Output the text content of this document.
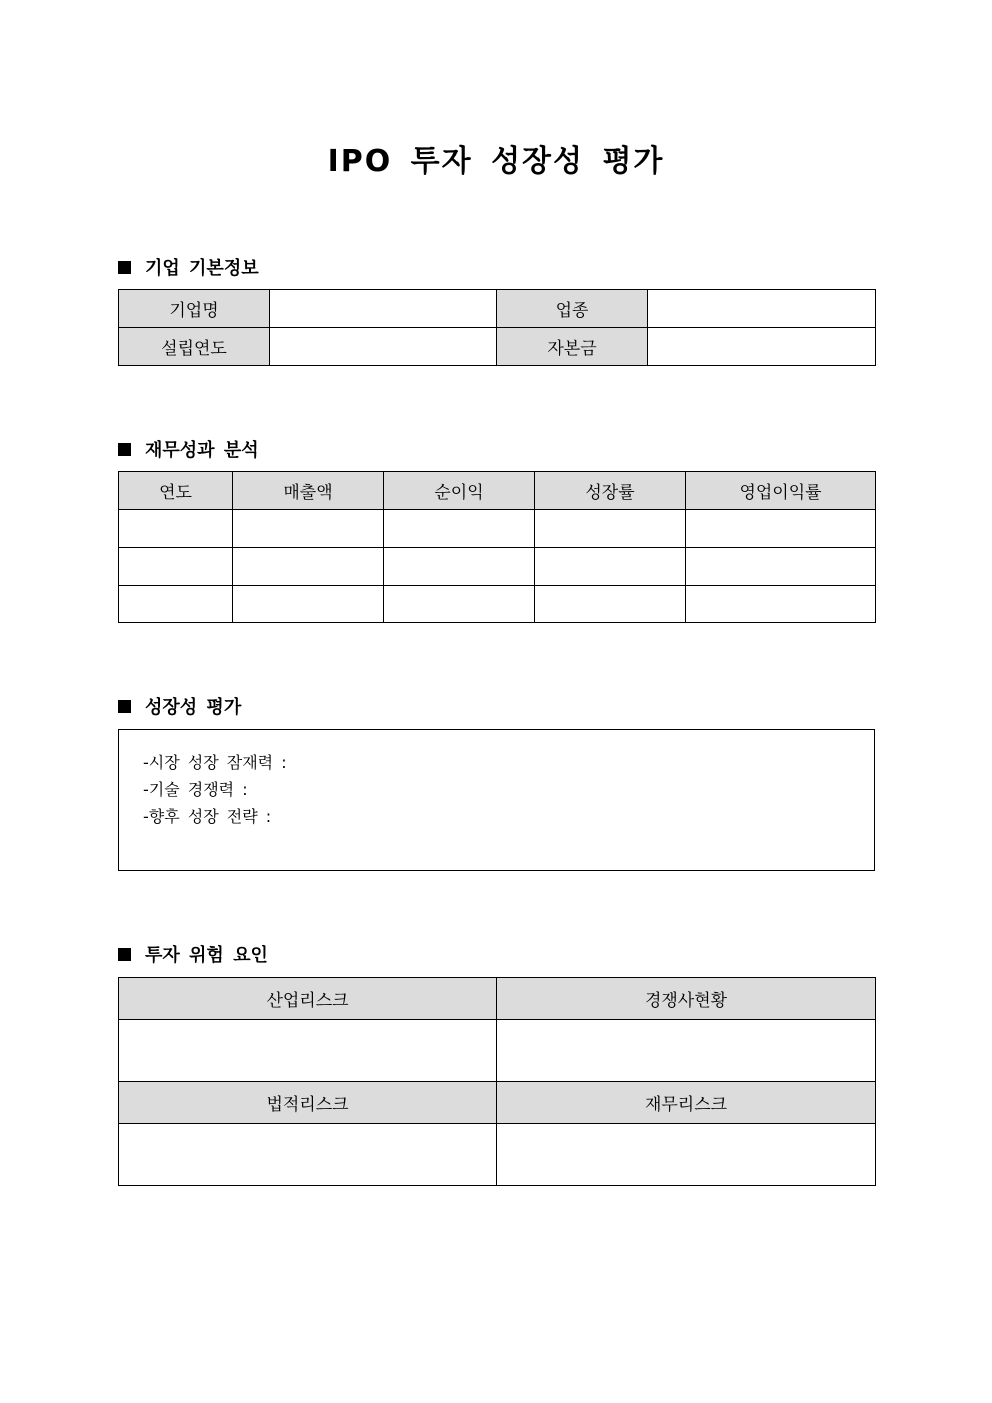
IPO 투자 성장성 평가
기업 기본정보
기업명		업종	
설립연도		자본금	
재무성과 분석
연도	매출액	순이익	성장률	영업이익률

성장성 평가
-시장 성장 잠재력 :
-기술 경쟁력 :
-향후 성장 전략 :
투자 위험 요인
산업리스크	경쟁사현황

법적리스크	재무리스크
